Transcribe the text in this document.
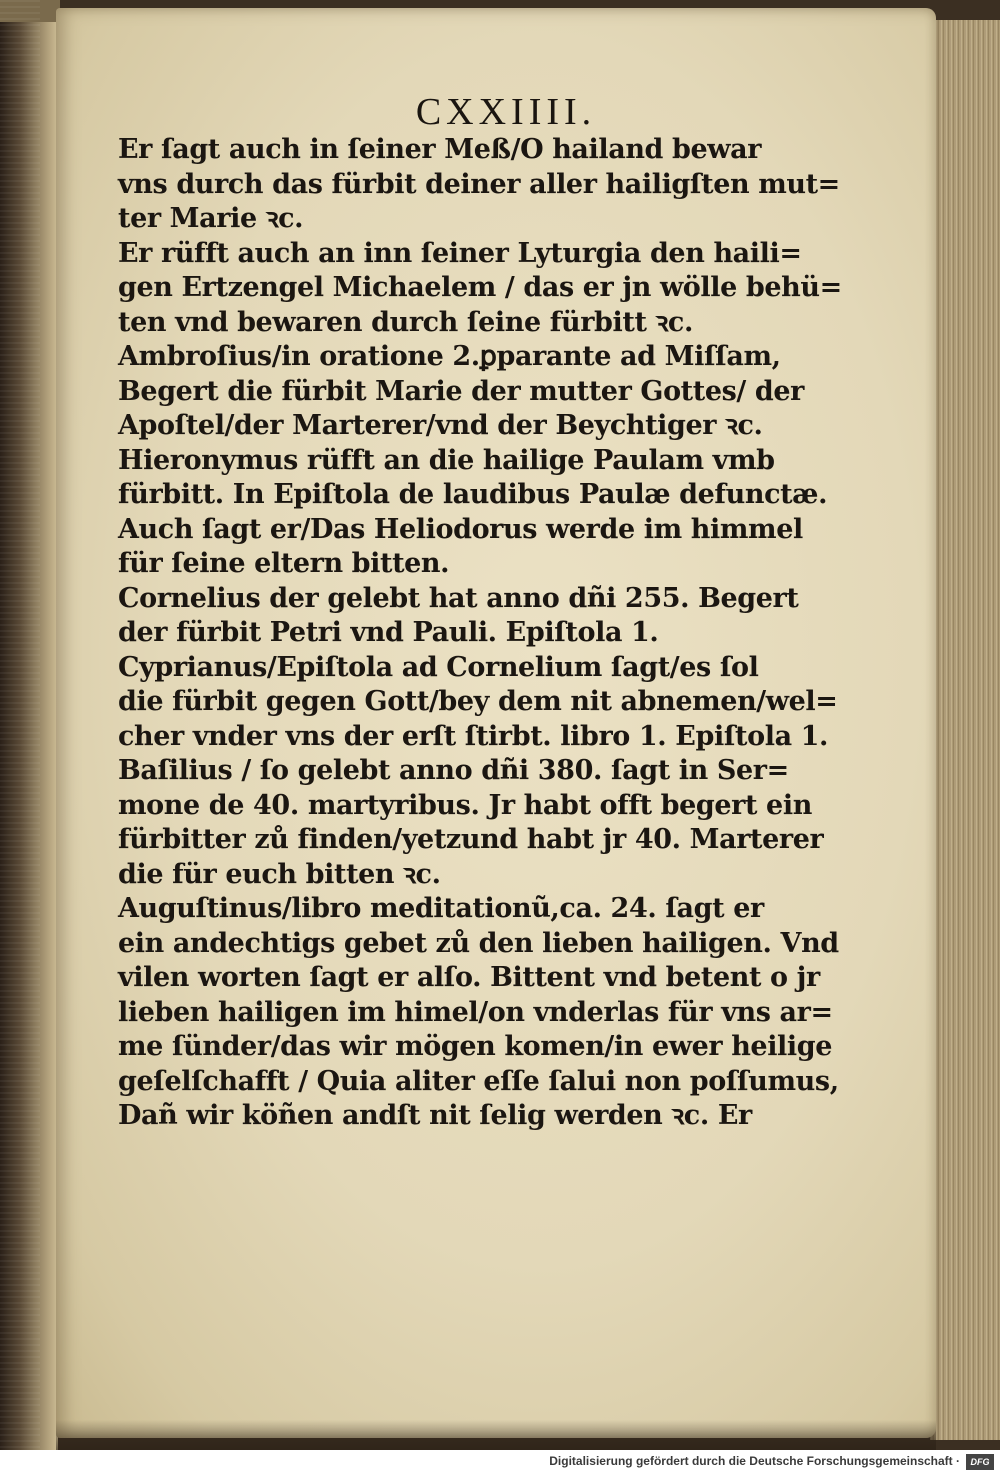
CXXIIII.
Er ſagt auch in ſeiner Meß/O hailand bewar
vns durch das fürbit deiner aller hailigſten mut=
ter Marie ꝛc.
Er rüfft auch an inn ſeiner Lyturgia den haili=
gen Ertzengel Michaelem / das er jn wölle behü=
ten vnd bewaren durch ſeine fürbitt ꝛc.
Ambroſius/in oratione 2.ꝑparante ad Miſſam,
Begert die fürbit Marie der mutter Gottes/ der
Apoſtel/der Marterer/vnd der Beychtiger ꝛc.
Hieronymus rüfft an die hailige Paulam vmb
fürbitt. In Epiſtola de laudibus Paulæ defunctæ.
Auch ſagt er/Das Heliodorus werde im himmel
für ſeine eltern bitten.
Cornelius der gelebt hat anno dñi 255. Begert
der fürbit Petri vnd Pauli. Epiſtola 1.
Cyprianus/Epiſtola ad Cornelium ſagt/es ſol
die fürbit gegen Gott/bey dem nit abnemen/wel=
cher vnder vns der erſt ſtirbt. libro 1. Epiſtola 1.
Baſilius / ſo gelebt anno dñi 380. ſagt in Ser=
mone de 40. martyribus. Jr habt offt begert ein
fürbitter zů finden/yetzund habt jr 40. Marterer
die für euch bitten ꝛc.
Auguſtinus/libro meditationũ,ca. 24. ſagt er
ein andechtigs gebet zů den lieben hailigen. Vnd
vilen worten ſagt er alſo. Bittent vnd betent o jr
lieben hailigen im himel/on vnderlas für vns ar=
me ſünder/das wir mögen komen/in ewer heilige
geſelſchafft / Quia aliter eſſe ſalui non poſſumus,
Dañ wir köñen andſt nit ſelig werden ꝛc. Er
Digitalisierung gefördert durch die Deutsche Forschungsgemeinschaft ·	DFG
